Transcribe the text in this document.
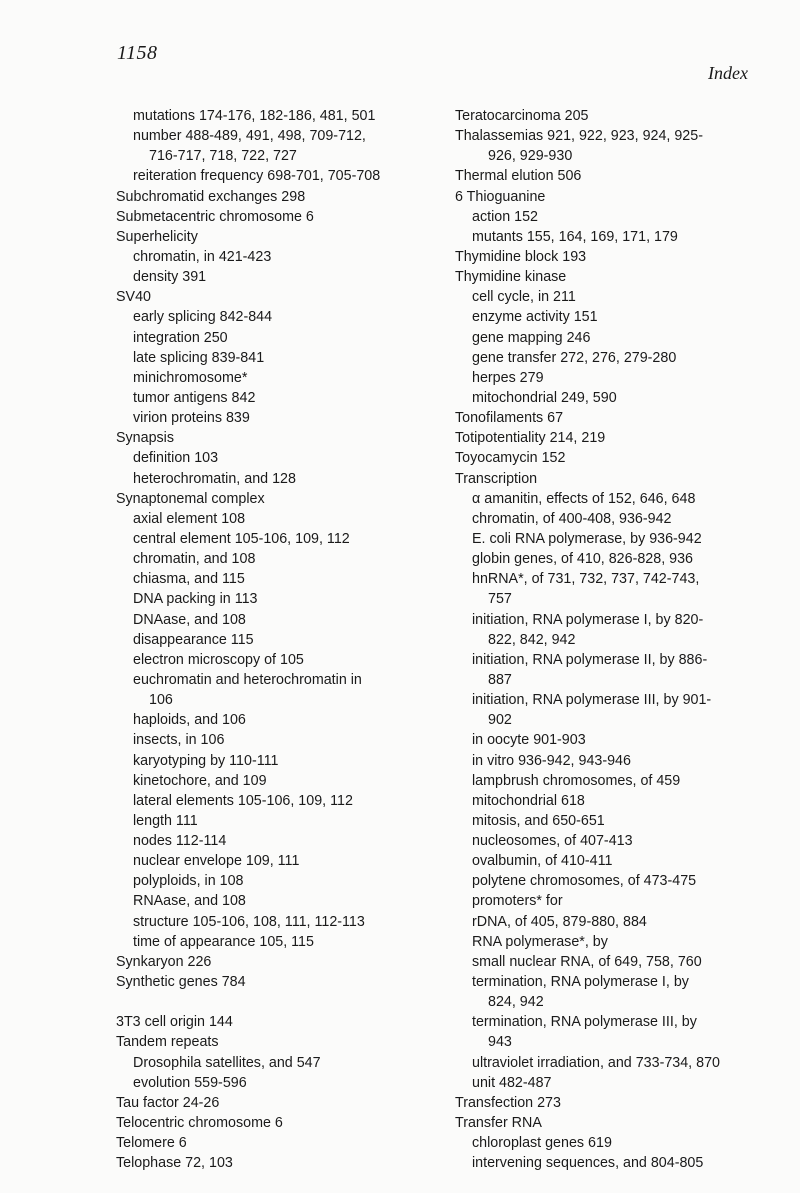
1158
Index
mutations 174-176, 182-186, 481, 501
number 488-489, 491, 498, 709-712,
716-717, 718, 722, 727
reiteration frequency 698-701, 705-708
Subchromatid exchanges 298
Submetacentric chromosome 6
Superhelicity
chromatin, in 421-423
density 391
SV40
early splicing 842-844
integration 250
late splicing 839-841
minichromosome*
tumor antigens 842
virion proteins 839
Synapsis
definition 103
heterochromatin, and 128
Synaptonemal complex
axial element 108
central element 105-106, 109, 112
chromatin, and 108
chiasma, and 115
DNA packing in 113
DNAase, and 108
disappearance 115
electron microscopy of 105
euchromatin and heterochromatin in
106
haploids, and 106
insects, in 106
karyotyping by 110-111
kinetochore, and 109
lateral elements 105-106, 109, 112
length 111
nodes 112-114
nuclear envelope 109, 111
polyploids, in 108
RNAase, and 108
structure 105-106, 108, 111, 112-113
time of appearance 105, 115
Synkaryon 226
Synthetic genes 784
3T3 cell origin 144
Tandem repeats
Drosophila satellites, and 547
evolution 559-596
Tau factor 24-26
Telocentric chromosome 6
Telomere 6
Telophase 72, 103
Teratocarcinoma 205
Thalassemias 921, 922, 923, 924, 925-
926, 929-930
Thermal elution 506
6 Thioguanine
action 152
mutants 155, 164, 169, 171, 179
Thymidine block 193
Thymidine kinase
cell cycle, in 211
enzyme activity 151
gene mapping 246
gene transfer 272, 276, 279-280
herpes 279
mitochondrial 249, 590
Tonofilaments 67
Totipotentiality 214, 219
Toyocamycin 152
Transcription
α amanitin, effects of 152, 646, 648
chromatin, of 400-408, 936-942
E. coli RNA polymerase, by 936-942
globin genes, of 410, 826-828, 936
hnRNA*, of 731, 732, 737, 742-743,
757
initiation, RNA polymerase I, by 820-
822, 842, 942
initiation, RNA polymerase II, by 886-
887
initiation, RNA polymerase III, by 901-
902
in oocyte 901-903
in vitro 936-942, 943-946
lampbrush chromosomes, of 459
mitochondrial 618
mitosis, and 650-651
nucleosomes, of 407-413
ovalbumin, of 410-411
polytene chromosomes, of 473-475
promoters* for
rDNA, of 405, 879-880, 884
RNA polymerase*, by
small nuclear RNA, of 649, 758, 760
termination, RNA polymerase I, by
824, 942
termination, RNA polymerase III, by
943
ultraviolet irradiation, and 733-734, 870
unit 482-487
Transfection 273
Transfer RNA
chloroplast genes 619
intervening sequences, and 804-805
